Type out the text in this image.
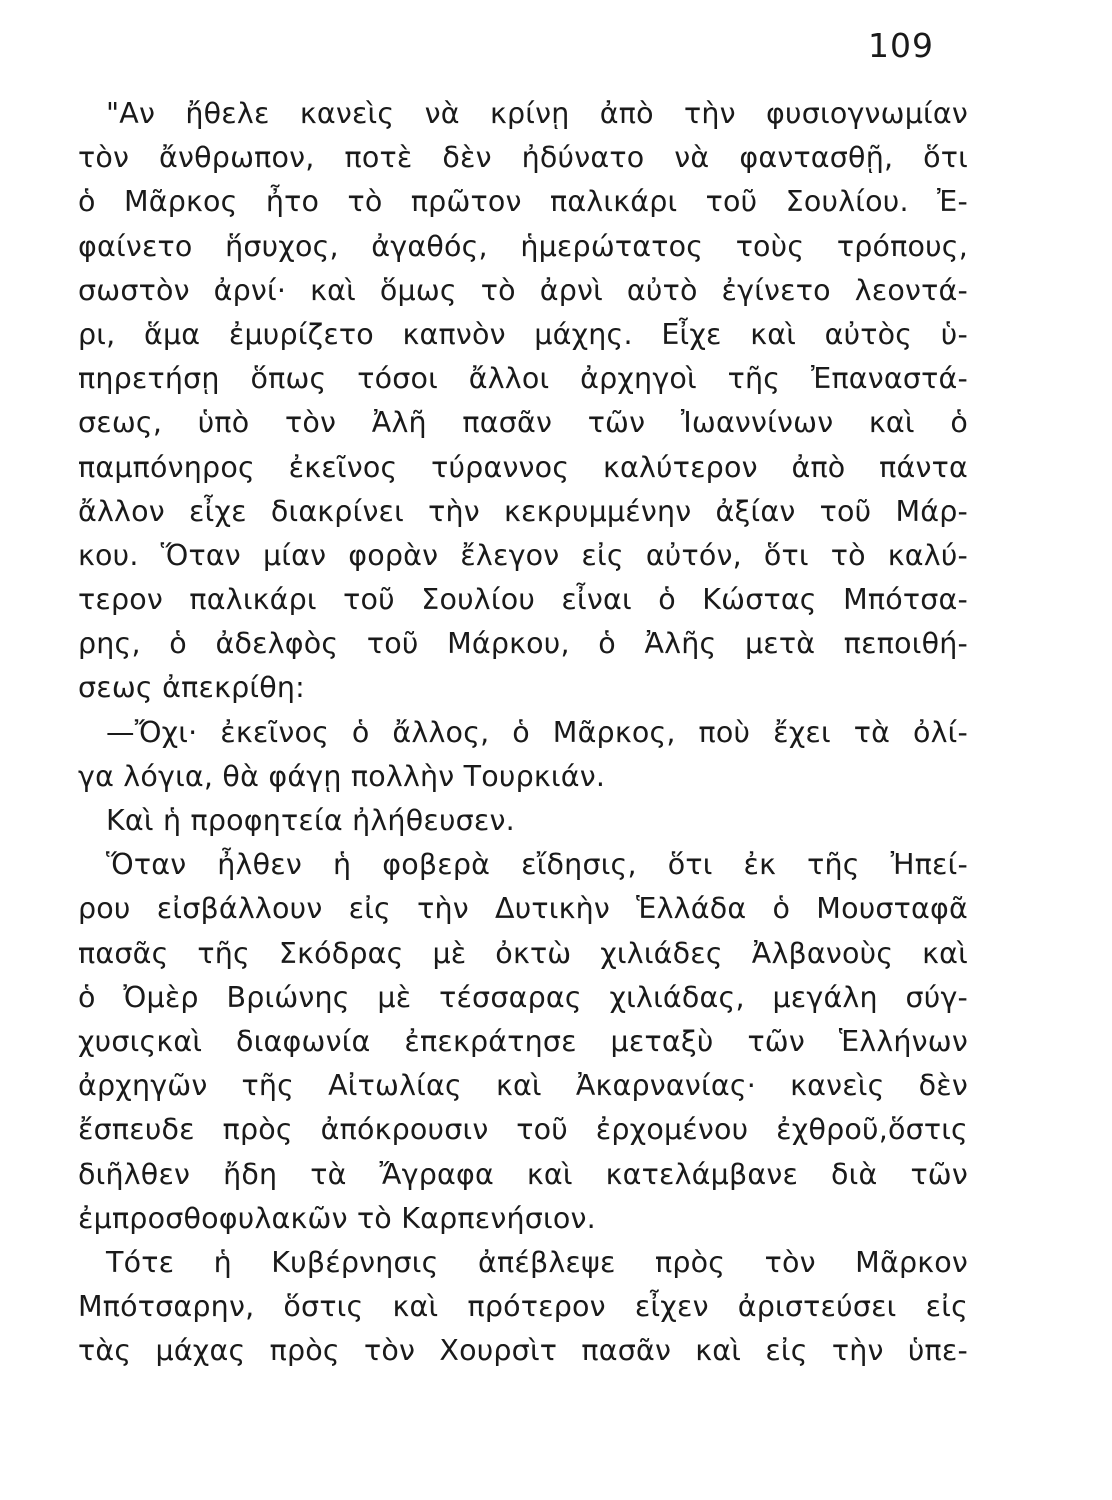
109
"Αν ἤθελε κανεὶς νὰ κρίνῃ ἀπὸ τὴν φυσιογνωμίαν
τὸν ἄνθρωπον, ποτὲ δὲν ἠδύνατο νὰ φαντασθῇ, ὅτι
ὁ Μᾶρκος ἦτο τὸ πρῶτον παλικάρι τοῦ Σουλίου. Ἐ-
φαίνετο ἥσυχος, ἀγαθός, ἡμερώτατος τοὺς τρόπους,
σωστὸν ἀρνί· καὶ ὅμως τὸ ἀρνὶ αὐτὸ ἐγίνετο λεοντά-
ρι, ἅμα ἐμυρίζετο καπνὸν μάχης. Εἶχε καὶ αὐτὸς ὑ-
πηρετήσῃ ὅπως τόσοι ἄλλοι ἀρχηγοὶ τῆς Ἐπαναστά-
σεως, ὑπὸ τὸν Ἀλῆ πασᾶν τῶν Ἰωαννίνων καὶ ὁ
παμπόνηρος ἐκεῖνος τύραννος καλύτερον ἀπὸ πάντα
ἄλλον εἶχε διακρίνει τὴν κεκρυμμένην ἀξίαν τοῦ Μάρ-
κου. Ὅταν μίαν φορὰν ἔλεγον εἰς αὐτόν, ὅτι τὸ καλύ-
τερον παλικάρι τοῦ Σουλίου εἶναι ὁ Κώστας Μπότσα-
ρης, ὁ ἀδελφὸς τοῦ Μάρκου, ὁ Ἀλῆς μετὰ πεποιθή-
σεως ἀπεκρίθη:
—Ὄχι· ἐκεῖνος ὁ ἄλλος, ὁ Μᾶρκος, ποὺ ἔχει τὰ ὀλί-
γα λόγια, θὰ φάγῃ πολλὴν Τουρκιάν.
Καὶ ἡ προφητεία ἠλήθευσεν.
Ὅταν ἦλθεν ἡ φοβερὰ εἴδησις, ὅτι ἐκ τῆς Ἠπεί-
ρου εἰσβάλλουν εἰς τὴν Δυτικὴν Ἑλλάδα ὁ Μουσταφᾶ
πασᾶς τῆς Σκόδρας μὲ ὀκτὼ χιλιάδες Ἀλβανοὺς καὶ
ὁ Ὀμὲρ Βριώνης μὲ τέσσαρας χιλιάδας, μεγάλη σύγ-
χυσιςκαὶ διαφωνία ἐπεκράτησε μεταξὺ τῶν Ἑλλήνων
ἀρχηγῶν τῆς Αἰτωλίας καὶ Ἀκαρνανίας· κανεὶς δὲν
ἔσπευδε πρὸς ἀπόκρουσιν τοῦ ἐρχομένου ἐχθροῦ,ὅστις
διῆλθεν ἤδη τὰ Ἄγραφα καὶ κατελάμβανε διὰ τῶν
ἐμπροσθοφυλακῶν τὸ Καρπενήσιον.
Τότε ἡ Κυβέρνησις ἀπέβλεψε πρὸς τὸν Μᾶρκον
Μπότσαρην, ὅστις καὶ πρότερον εἶχεν ἀριστεύσει εἰς
τὰς μάχας πρὸς τὸν Χουρσὶτ πασᾶν καὶ εἰς τὴν ὑπε-
